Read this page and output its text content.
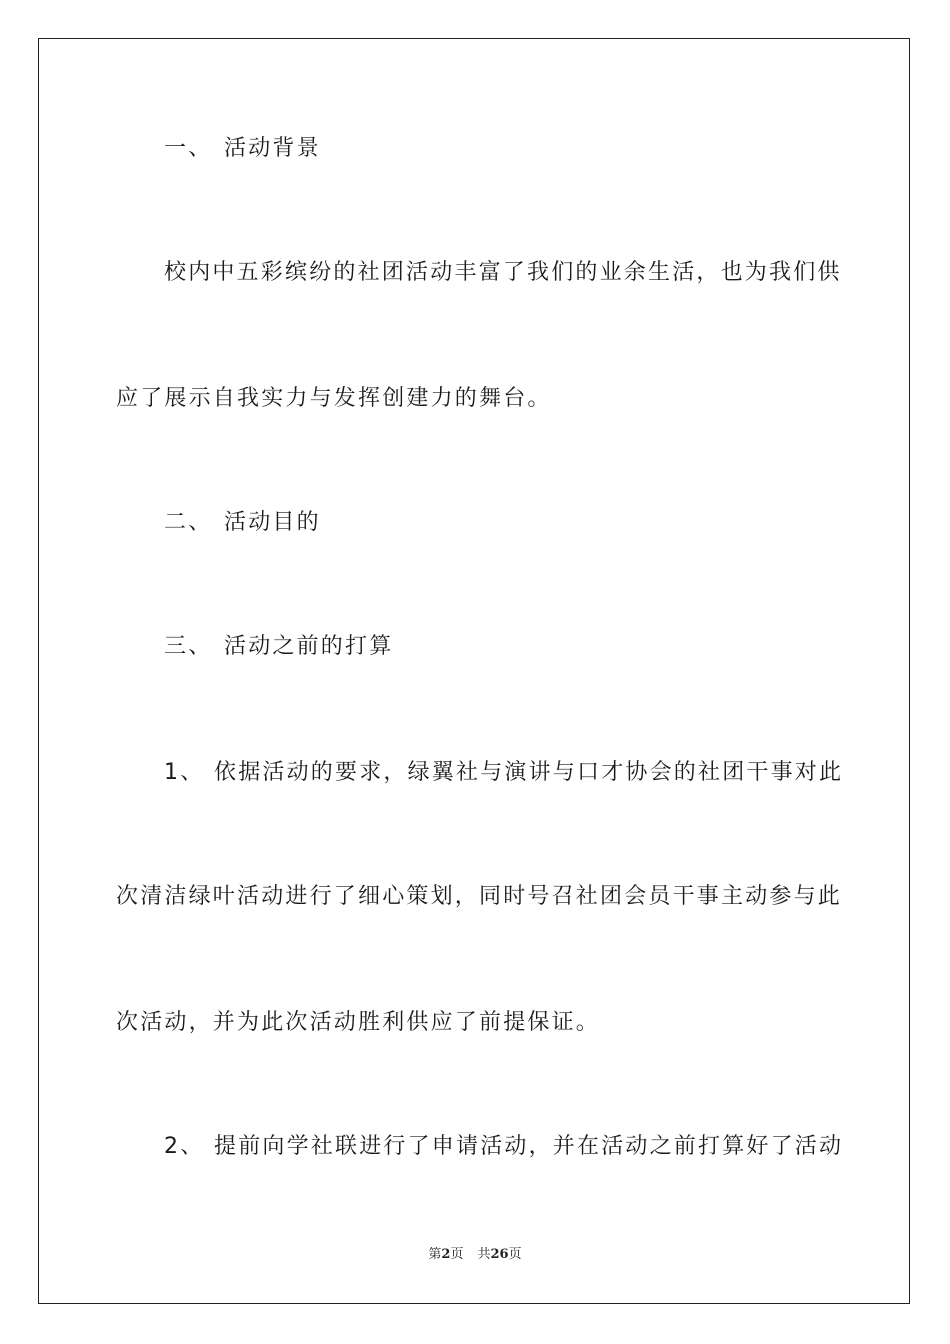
一、 活动背景
校内中五彩缤纷的社团活动丰富了我们的业余生活，也为我们供
应了展示自我实力与发挥创建力的舞台。
二、 活动目的
三、 活动之前的打算
1、 依据活动的要求，绿翼社与演讲与口才协会的社团干事对此
次清洁绿叶活动进行了细心策划，同时号召社团会员干事主动参与此
次活动，并为此次活动胜利供应了前提保证。
2、 提前向学社联进行了申请活动，并在活动之前打算好了活动
第2页 共26页
